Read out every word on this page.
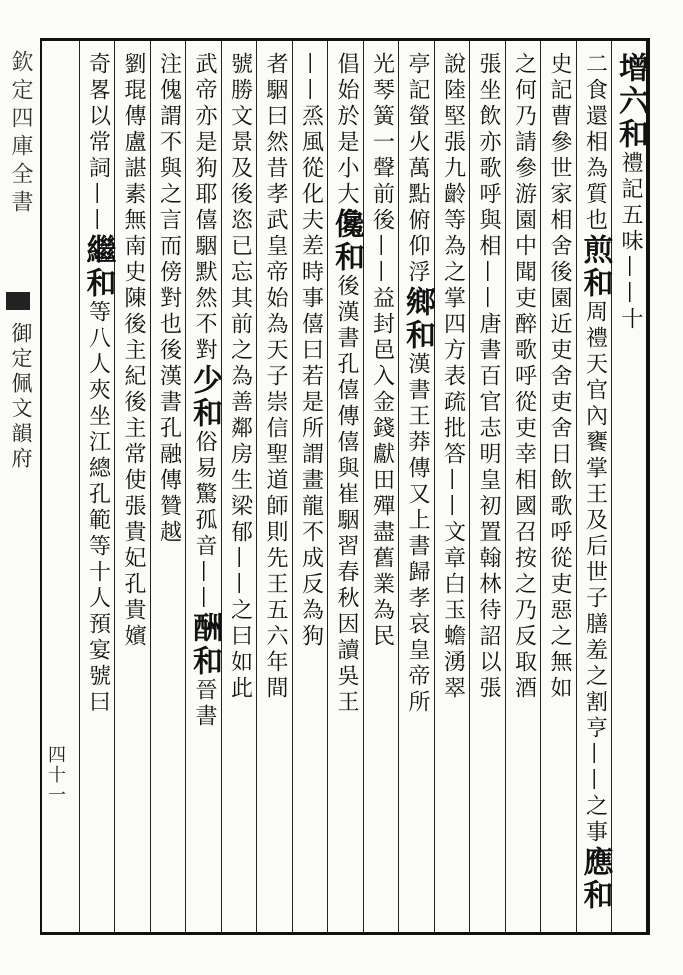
欽定四庫全書
御定佩文韻府
四十一
增六和禮記五味——十
二食還相為質也煎和周禮天官內饔掌王及后世子膳羞之割亨——之事應和
史記曹參世家相舍後園近吏舍吏舍日飲歌呼從吏惡之無如
之何乃請參游園中聞吏醉歌呼從吏幸相國召按之乃反取酒
張坐飲亦歌呼與相——唐書百官志明皇初置翰林待詔以張
說陸堅張九齡等為之掌四方表疏批答——文章白玉蟾湧翠
亭記螢火萬點俯仰浮鄉和漢書王莽傳又上書歸孝哀皇帝所
光琴簧一聲前後——益封邑入金錢獻田殫盡舊業為民
倡始於是小大儳和後漢書孔僖傳僖與崔駰習春秋因讀吳王
——烝風從化夫差時事僖曰若是所謂畫龍不成反為狗
者駰曰然昔孝武皇帝始為天子崇信聖道師則先王五六年間
號勝文景及後恣已忘其前之為善鄰房生梁郁——之曰如此
武帝亦是狗耶僖駰默然不對少和俗易驚孤音——酬和晉書
注傀謂不與之言而傍對也後漢書孔融傳贊越
劉琨傳盧諶素無南史陳後主紀後主常使張貴妃孔貴嬪
奇畧以常詞——繼和等八人夾坐江總孔範等十人預宴號曰
